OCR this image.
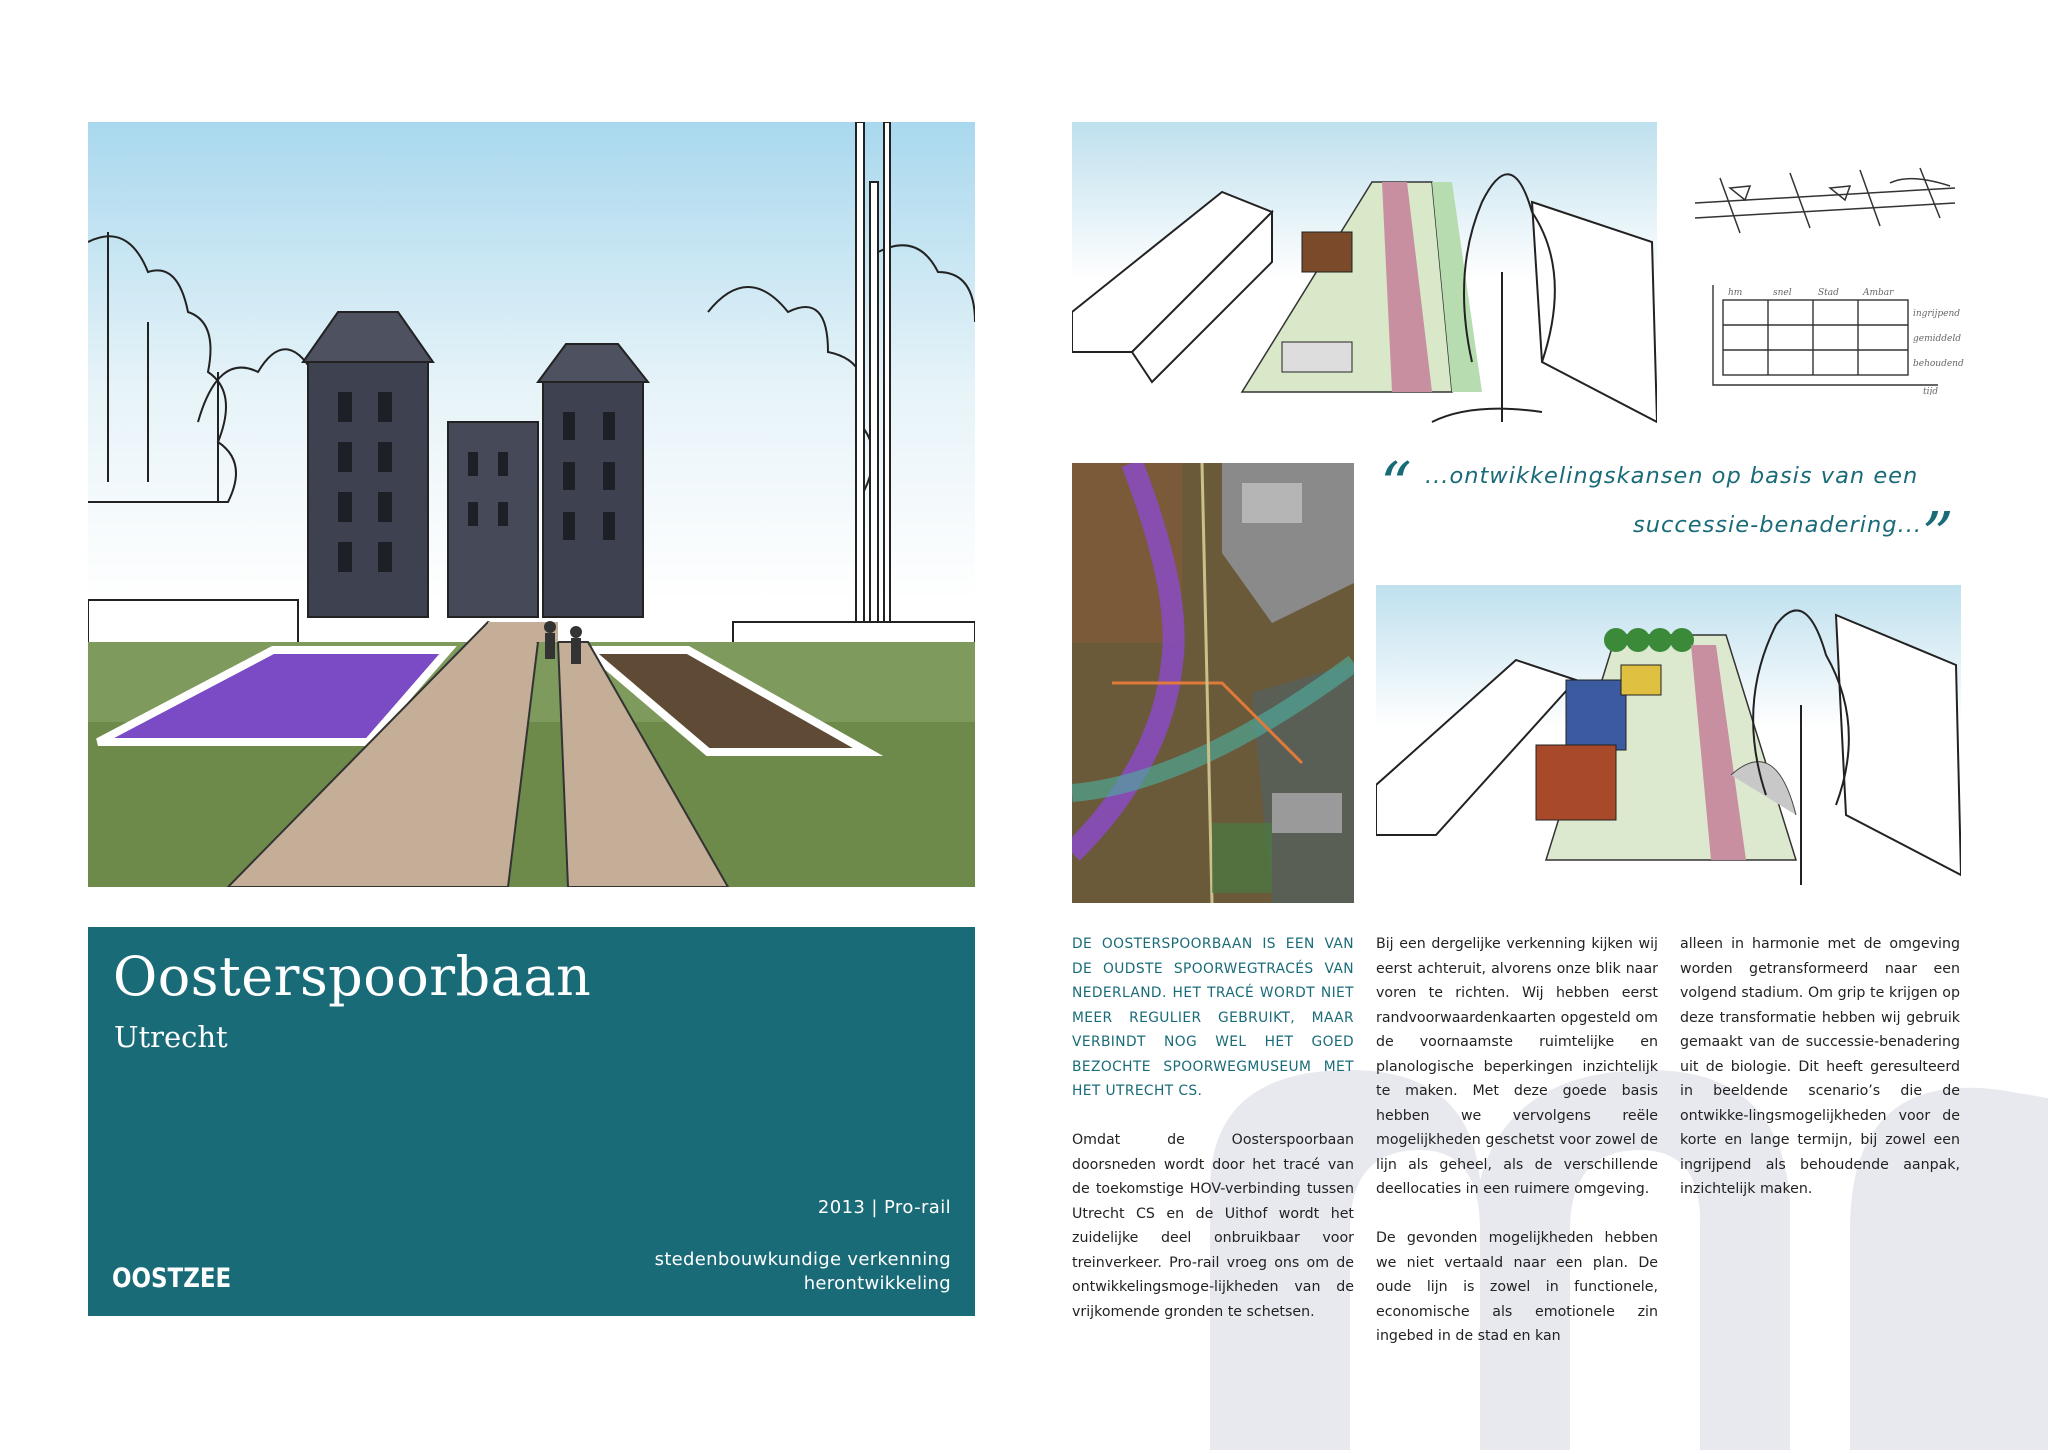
Oosterspoorbaan
Utrecht
2013 | Pro-rail
stedenbouwkundige verkenning
herontwikkeling
OOSTZEE
hm	snel	Stad	Ambar
ingrijpend
gemiddeld
behoudend
tijd
“ ...ontwikkelingskansen op basis van een
successie-benadering... ”

DE OOSTERSPOORBAAN IS EEN VAN DE OUDSTE SPOORWEGTRACÉS VAN NEDERLAND. HET TRACÉ WORDT NIET MEER REGULIER GEBRUIKT, MAAR VERBINDT NOG WEL HET GOED BEZOCHTE SPOORWEGMUSEUM MET HET UTRECHT CS.

Omdat de Oosterspoorbaan doorsneden wordt door het tracé van de toekomstige HOV-verbinding tussen Utrecht CS en de Uithof wordt het zuidelijke deel onbruikbaar voor treinverkeer. Pro-rail vroeg ons om de ontwikkelingsmoge-lijkheden van de vrijkomende gronden te schetsen.

Bij een dergelijke verkenning kijken wij eerst achteruit, alvorens onze blik naar voren te richten. Wij hebben eerst randvoorwaardenkaarten opgesteld om de voornaamste ruimtelijke en planologische beperkingen inzichtelijk te maken. Met deze goede basis hebben we vervolgens reële mogelijkheden geschetst voor zowel de lijn als geheel, als de verschillende deellocaties in een ruimere omgeving.

De gevonden mogelijkheden hebben we niet vertaald naar een plan. De oude lijn is zowel in functionele, economische als emotionele zin ingebed in de stad en kan

alleen in harmonie met de omgeving worden getransformeerd naar een volgend stadium. Om grip te krijgen op deze transformatie hebben wij gebruik gemaakt van de successie-benadering uit de biologie. Dit heeft geresulteerd in beeldende scenario’s die de ontwikke-lingsmogelijkheden voor de korte en lange termijn, bij zowel een ingrijpend als behoudende aanpak, inzichtelijk maken.
